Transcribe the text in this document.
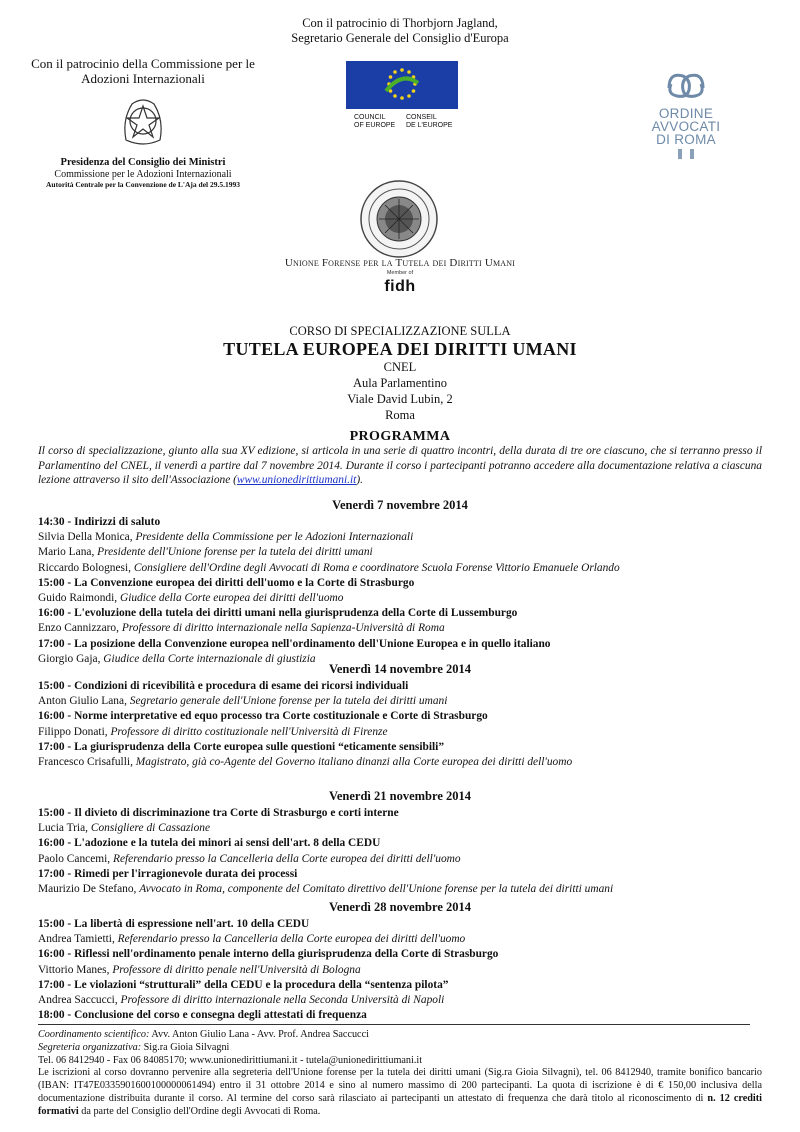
Con il patrocinio della Commissione per le Adozioni Internazionali
Presidenza del Consiglio dei Ministri
Commissione per le Adozioni Internazionali
Autorità Centrale per la Convenzione de L'Aja del 29.5.1993
Con il patrocinio di Thorbjorn Jagland,
Segretario Generale del Consiglio d'Europa
COUNCIL
OF EUROPECONSEIL
DE L'EUROPE
ORDINE
AVVOCATI
DI ROMA
Unione Forense per la Tutela dei Diritti Umani
Member of
fidh
CORSO DI SPECIALIZZAZIONE SULLA
TUTELA EUROPEA DEI DIRITTI UMANI
CNEL
Aula Parlamentino
Viale David Lubin, 2
Roma
PROGRAMMA
Il corso di specializzazione, giunto alla sua XV edizione, si articola in una serie di quattro incontri, della durata di tre ore ciascuno, che si terranno presso il Parlamentino del CNEL, il venerdì a partire dal 7 novembre 2014. Durante il corso i partecipanti potranno accedere alla documentazione relativa a ciascuna lezione attraverso il sito dell'Associazione (www.unionedirittiumani.it).
Venerdì 7 novembre 2014
14:30 - Indirizzi di saluto
Silvia Della Monica, Presidente della Commissione per le Adozioni Internazionali
Mario Lana, Presidente dell'Unione forense per la tutela dei diritti umani
Riccardo Bolognesi, Consigliere dell'Ordine degli Avvocati di Roma e coordinatore Scuola Forense Vittorio Emanuele Orlando
15:00 - La Convenzione europea dei diritti dell'uomo e la Corte di Strasburgo
Guido Raimondi, Giudice della Corte europea dei diritti dell'uomo
16:00 - L'evoluzione della tutela dei diritti umani nella giurisprudenza della Corte di Lussemburgo
Enzo Cannizzaro, Professore di diritto internazionale nella Sapienza-Università di Roma
17:00 - La posizione della Convenzione europea nell'ordinamento dell'Unione Europea e in quello italiano
Giorgio Gaja, Giudice della Corte internazionale di giustizia
Venerdì 14 novembre 2014
15:00 - Condizioni di ricevibilità e procedura di esame dei ricorsi individuali
Anton Giulio Lana, Segretario generale dell'Unione forense per la tutela dei diritti umani
16:00 - Norme interpretative ed equo processo tra Corte costituzionale e Corte di Strasburgo
Filippo Donati, Professore di diritto costituzionale nell'Università di Firenze
17:00 - La giurisprudenza della Corte europea sulle questioni “eticamente sensibili”
Francesco Crisafulli, Magistrato, già co-Agente del Governo italiano dinanzi alla Corte europea dei diritti dell'uomo
Venerdì 21 novembre 2014
15:00 - Il divieto di discriminazione tra Corte di Strasburgo e corti interne
Lucia Tria, Consigliere di Cassazione
16:00 - L'adozione e la tutela dei minori ai sensi dell'art. 8 della CEDU
Paolo Cancemi, Referendario presso la Cancelleria della Corte europea dei diritti dell'uomo
17:00 - Rimedi per l'irragionevole durata dei processi
Maurizio De Stefano, Avvocato in Roma, componente del Comitato direttivo dell'Unione forense per la tutela dei diritti umani
Venerdì 28 novembre 2014
15:00 - La libertà di espressione nell'art. 10 della CEDU
Andrea Tamietti, Referendario presso la Cancelleria della Corte europea dei diritti dell'uomo
16:00 - Riflessi nell'ordinamento penale interno della giurisprudenza della Corte di Strasburgo
Vittorio Manes, Professore di diritto penale nell'Università di Bologna
17:00 - Le violazioni “strutturali” della CEDU e la procedura della “sentenza pilota”
Andrea Saccucci, Professore di diritto internazionale nella Seconda Università di Napoli
18:00 - Conclusione del corso e consegna degli attestati di frequenza

Coordinamento scientifico: Avv. Anton Giulio Lana - Avv. Prof. Andrea Saccucci

Segreteria organizzativa: Sig.ra Gioia Silvagni

Tel. 06 8412940 - Fax 06 84085170; www.unionedirittiumani.it - tutela@unionedirittiumani.it

Le iscrizioni al corso dovranno pervenire alla segreteria dell'Unione forense per la tutela dei diritti umani (Sig.ra Gioia Silvagni), tel. 06 8412940, tramite bonifico bancario (IBAN: IT47E0335901600100000061494) entro il 31 ottobre 2014 e sino al numero massimo di 200 partecipanti. La quota di iscrizione è di € 150,00 inclusiva della documentazione distribuita durante il corso. Al termine del corso sarà rilasciato ai partecipanti un attestato di frequenza che darà titolo al riconoscimento di n. 12 crediti formativi da parte del Consiglio dell'Ordine degli Avvocati di Roma.
